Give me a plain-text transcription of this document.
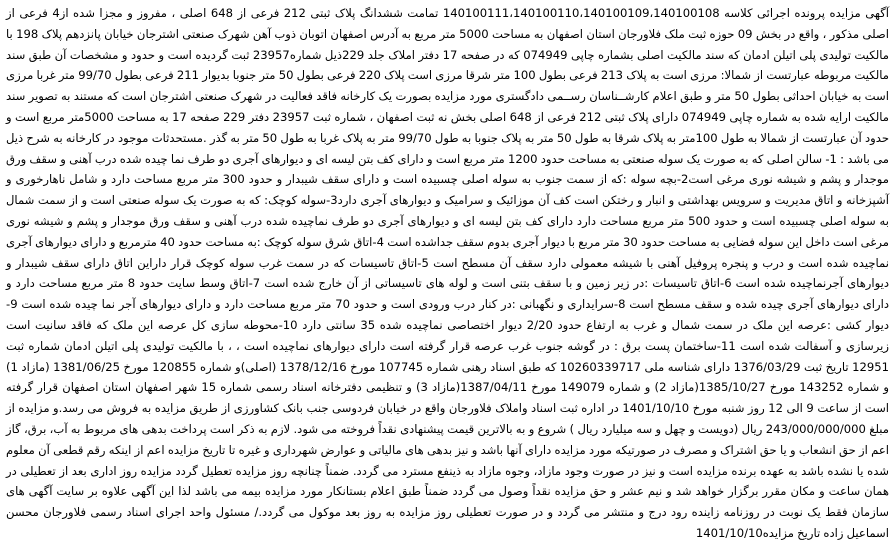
آگهی مزایده پرونده اجرائی کلاسه 140100111،140100110،140100109،140100108 تمامت ششدانگ پلاک ثبتی 212 فرعی از 648 اصلی ، مفروز و مجزا شده از4 فرعی از اصلی مذکور ، واقع در بخش 09 حوزه ثبت ملک فلاورجان استان اصفهان به مساحت 5000 متر مربع به آدرس اصفهان اتوبان ذوب آهن شهرک صنعتی اشترجان خیابان پانزدهم پلاک 198 با مالکیت تولیدی پلی اتیلن ادمان که سند مالکیت اصلی بشماره چاپی 074949 که در صفحه 17 دفتر املاک جلد 229ذیل شماره23957 ثبت گردیده است و حدود و مشخصات آن طبق سند مالکیت مربوطه عبارتست از شمالا: مرزی است به پلاک 213 فرعی بطول 100 متر شرقا مرزی است پلاک 220 فرعی بطول 50 متر جنوبا بدیوار 211 فرعی بطول 99/70 متر غربا مرزی است به خیابان احداثی بطول 50 متر و طبق اعلام کارشــناسان رســمی دادگستری مورد مزایده بصورت یک کارخانه فاقد فعالیت در شهرک صنعتی اشترجان است که مستند به تصویر سند مالکیت ارایه شده به شماره چاپی 074949 دارای پلاک ثبتی 212 فرعی از 648 اصلی بخش نه ثبت اصفهان ، شماره ثبت 23957 دفتر 229 صفحه 17 به مساحت 5000متر مربع است و حدود آن عبارتست از شمالا به طول 100متر به پلاک شرقا به طول 50 متر به پلاک جنوبا به طول 99/70 متر به پلاک غربا به طول 50 متر به گذر .مستحدثات موجود در کارخانه به شرح ذیل می باشد : 1- سالن اصلی که به صورت یک سوله صنعتی به مساحت حدود 1200 متر مربع است و دارای کف بتن لیسه ای و دیوارهای آجری دو طرف نما چیده شده درب آهنی و سقف ورق موجدار و پشم و شیشه نوری مرغی است2-بچه سوله :که از سمت جنوب به سوله اصلی چسبیده است و دارای سقف شیبدار و حدود 300 متر مربع مساحت دارد و شامل ناهارخوری و آشپزخانه و اتاق مدیریت و سرویس بهداشتی و انبار و رختکن است کف آن موزائیک و سرامیک و دیوارهای آجری دارد3-سوله کوچک: که به صورت یک سوله صنعتی است و از سمت شمال به سوله اصلی چسبیده است و حدود 500 متر مربع مساحت دارد دارای کف بتن لیسه ای و دیوارهای آجری دو طرف نماچیده شده درب آهنی و سقف ورق موجدار و پشم و شیشه نوری مرغی است داخل این سوله فضایی به مساحت حدود 30 متر مربع با دیوار آجری بدوم سقف جداشده است 4-اتاق شرق سوله کوچک :به مساحت حدود 40 مترمربع و دارای دیوارهای آجری نماچیده شده است و درب و پنجره پروفیل آهنی با شیشه معمولی دارد سقف آن مسطح است 5-اتاق تاسیسات که در سمت غرب سوله کوچک قرار داراین اتاق دارای سقف شیبدار و دیوارهای آجرنماچیده شده است 6-اتاق تاسیسات :در زیر زمین و با سقف بتنی است و لوله های تاسیساتی از آن خارج شده است 7-اتاق وسط سایت حدود 8 متر مربع مساحت دارد و دارای دیوارهای آجری چیده شده و سقف مسطح است 8-سرایداری و نگهبانی :در کنار درب ورودی است و حدود 70 متر مربع مساحت دارد و دارای دیوارهای آجر نما چیده شده است 9-دیوار کشی :عرصه این ملک در سمت شمال و غرب به ارتفاع حدود 2/20 دیوار اختصاصی نماچیده شده 35 سانتی دارد 10-محوطه سازی کل عرصه این ملک که فاقد سانیت است زیرسازی و آسفالت شده است 11-ساختمان پست برق : در گوشه جنوب غرب عرصه قرار گرفته است دارای دیوارهای نماچیده است ، ، با مالکیت تولیدی پلی اتیلن ادمان شماره ثبت 12951 تاریخ ثبت 1376/03/29 دارای شناسه ملی 10260339717 که طبق اسناد رهنی شماره 107745 مورخ 1378/12/16 (اصلی)و شماره 120855 مورخ 1381/06/25 (مازاد 1) و شماره 143252 مورخ 1385/10/27(مازاد 2) و شماره 149079 مورخ 1387/04/11(مازاد 3) و تنظیمی دفترخانه اسناد رسمی شماره 15 شهر اصفهان استان اصفهان قرار گرفته است از ساعت 9 الی 12 روز شنبه مورخ 1401/10/10 در اداره ثبت اسناد واملاک فلاورجان واقع در خیابان فردوسی جنب بانک کشاورزی از طریق مزایده به فروش می رسد.و مزایده از مبلغ 243/000/000/000 ریال (دویست و چهل و سه میلیارد ریال ) شروع و به بالاترین قیمت پیشنهادی نقداً فروخته می شود. لازم به ذکر است پرداخت بدهی های مربوط به آب، برق، گاز اعم از حق انشعاب و یا حق اشتراک و مصرف در صورتیکه مورد مزایده دارای آنها باشد و نیز بدهی های مالیاتی و عوارض شهرداری و غیره تا تاریخ مزایده اعم از اینکه رقم قطعی آن معلوم شده یا نشده باشد به عهده برنده مزایده است و نیز در صورت وجود مازاد، وجوه مازاد به ذینفع مسترد می گردد. ضمناً چنانچه روز مزایده تعطیل گردد مزایده روز اداری بعد از تعطیلی در همان ساعت و مکان مقرر برگزار خواهد شد و نیم عشر و حق مزایده نقداً وصول می گردد ضمناً طبق اعلام بستانکار مورد مزایده بیمه می باشد لذا این آگهی علاوه بر سایت آگهی های سازمان فقط یک نوبت در روزنامه زاینده رود درج و منتشر می گردد و در صورت تعطیلی روز مزایده به روز بعد موکول می گردد./ مسئول واحد اجرای اسناد رسمی فلاورجان محسن اسماعیل زاده تاریخ مزایده1401/10/10
